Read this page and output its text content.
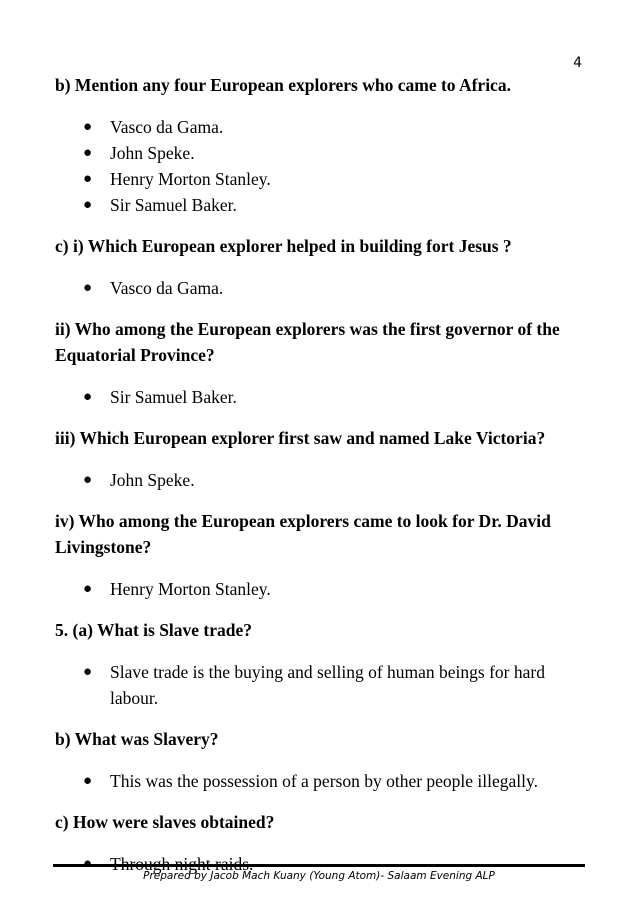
4

b) Mention any four European explorers who came to Africa.

● Vasco da Gama.
● John Speke.
● Henry Morton Stanley.
● Sir Samuel Baker.

c) i) Which European explorer helped in building fort Jesus ?

● Vasco da Gama.

ii) Who among the European explorers was the first governor of the
Equatorial Province?

● Sir Samuel Baker.

iii) Which European explorer first saw and named Lake Victoria?

● John Speke.

iv) Who among the European explorers came to look for Dr. David
Livingstone?

● Henry Morton Stanley.

5. (a) What is Slave trade?

● Slave trade is the buying and selling of human beings for hard
labour.

b) What was Slavery?

● This was the possession of a person by other people illegally.

c) How were slaves obtained?

● Through night raids.
Prepared by Jacob Mach Kuany (Young Atom)- Salaam Evening ALP
